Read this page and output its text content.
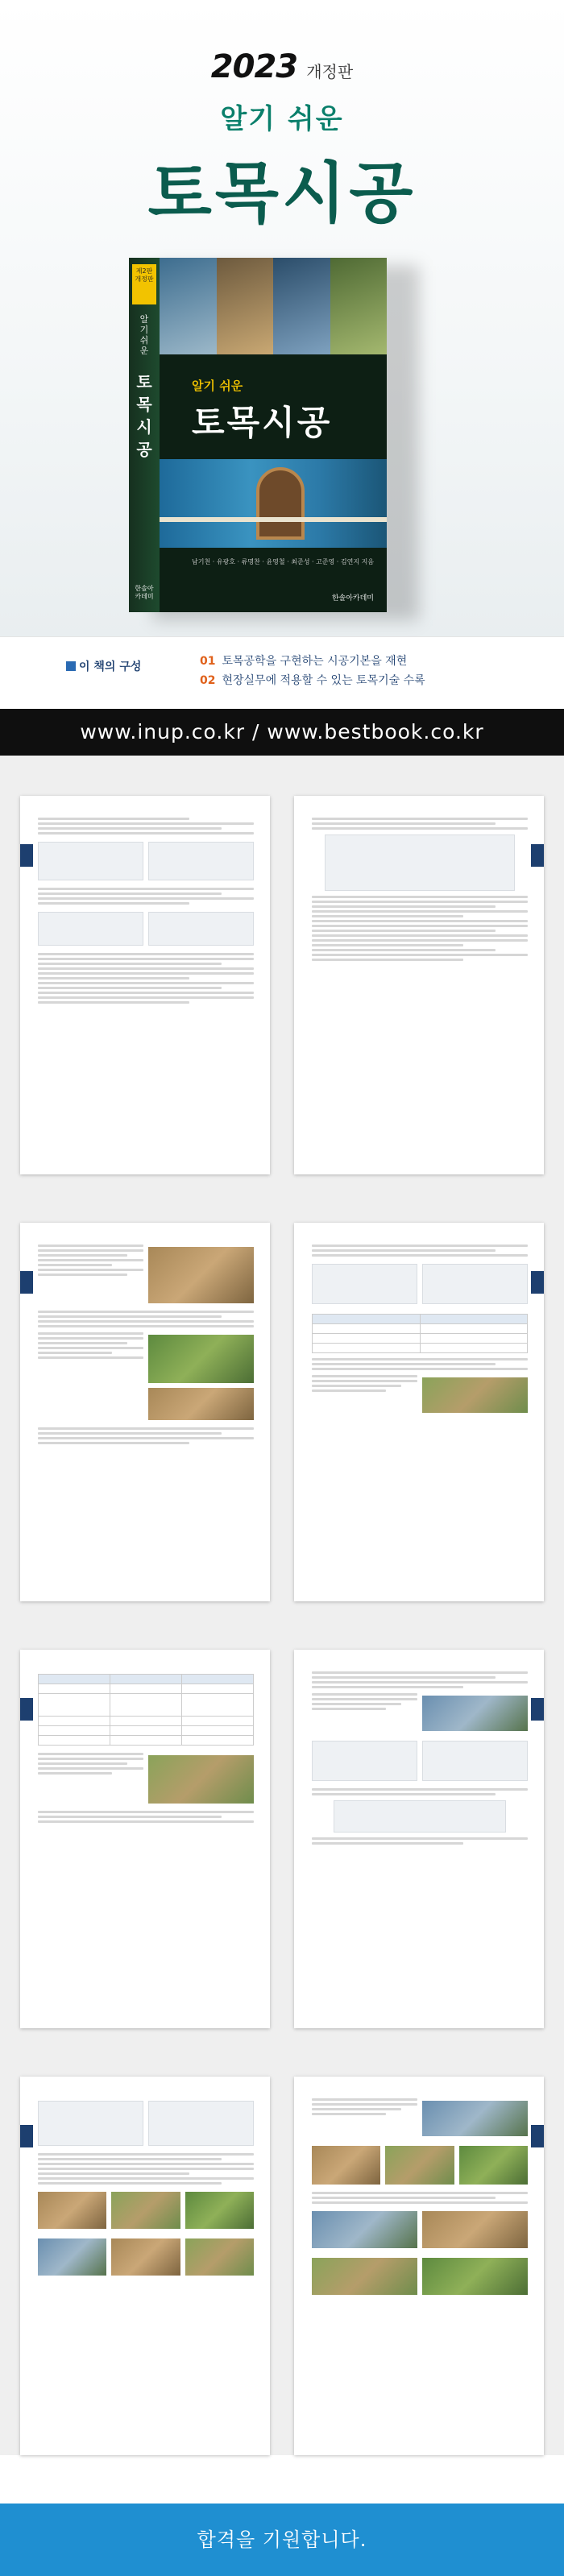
2023 개정판
알기 쉬운
토목시공
제2판 개정판
알기 쉬운
토목시공
한솔아카데미
알기 쉬운
토목시공
남기천 · 유광호 · 류명찬 · 윤영철 · 최준성 · 고준영 · 김연지 지음
한솔아카데미
이 책의 구성	01 토목공학을 구현하는 시공기본을 재현
02 현장실무에 적용할 수 있는 토목기술 수록
www.inup.co.kr / www.bestbook.co.kr

합격을 기원합니다.
